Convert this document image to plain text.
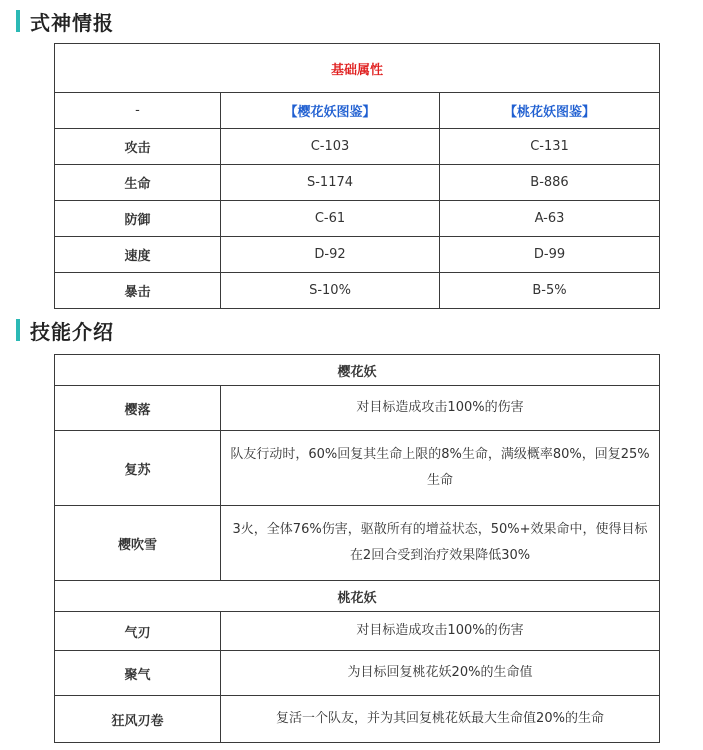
式神情报
基础属性		
-	【樱花妖图鉴】	【桃花妖图鉴】
攻击	C-103	C-131
生命	S-1174	B-886
防御	C-61	A-63
速度	D-92	D-99
暴击	S-10%	B-5%
技能介绍
樱花妖	
樱落	对目标造成攻击100%的伤害
复苏	队友行动时，60%回复其生命上限的8%生命，满级概率80%，回复25%生命
樱吹雪	3火，全体76%伤害，驱散所有的增益状态，50%+效果命中，使得目标在2回合受到治疗效果降低30%
桃花妖	
气刃	对目标造成攻击100%的伤害
聚气	为目标回复桃花妖20%的生命值
狂风刃卷	复活一个队友，并为其回复桃花妖最大生命值20%的生命
